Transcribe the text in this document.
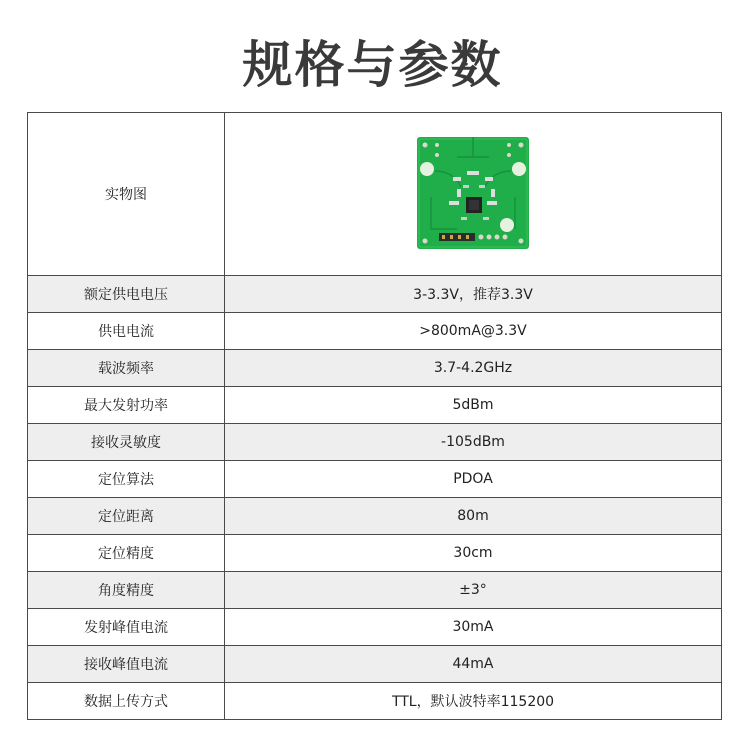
规格与参数
实物图	

额定供电电压	3-3.3V，推荐3.3V
供电电流	>800mA@3.3V
载波频率	3.7-4.2GHz
最大发射功率	5dBm
接收灵敏度	-105dBm
定位算法	PDOA
定位距离	80m
定位精度	30cm
角度精度	±3°
发射峰值电流	30mA
接收峰值电流	44mA
数据上传方式	TTL，默认波特率115200
